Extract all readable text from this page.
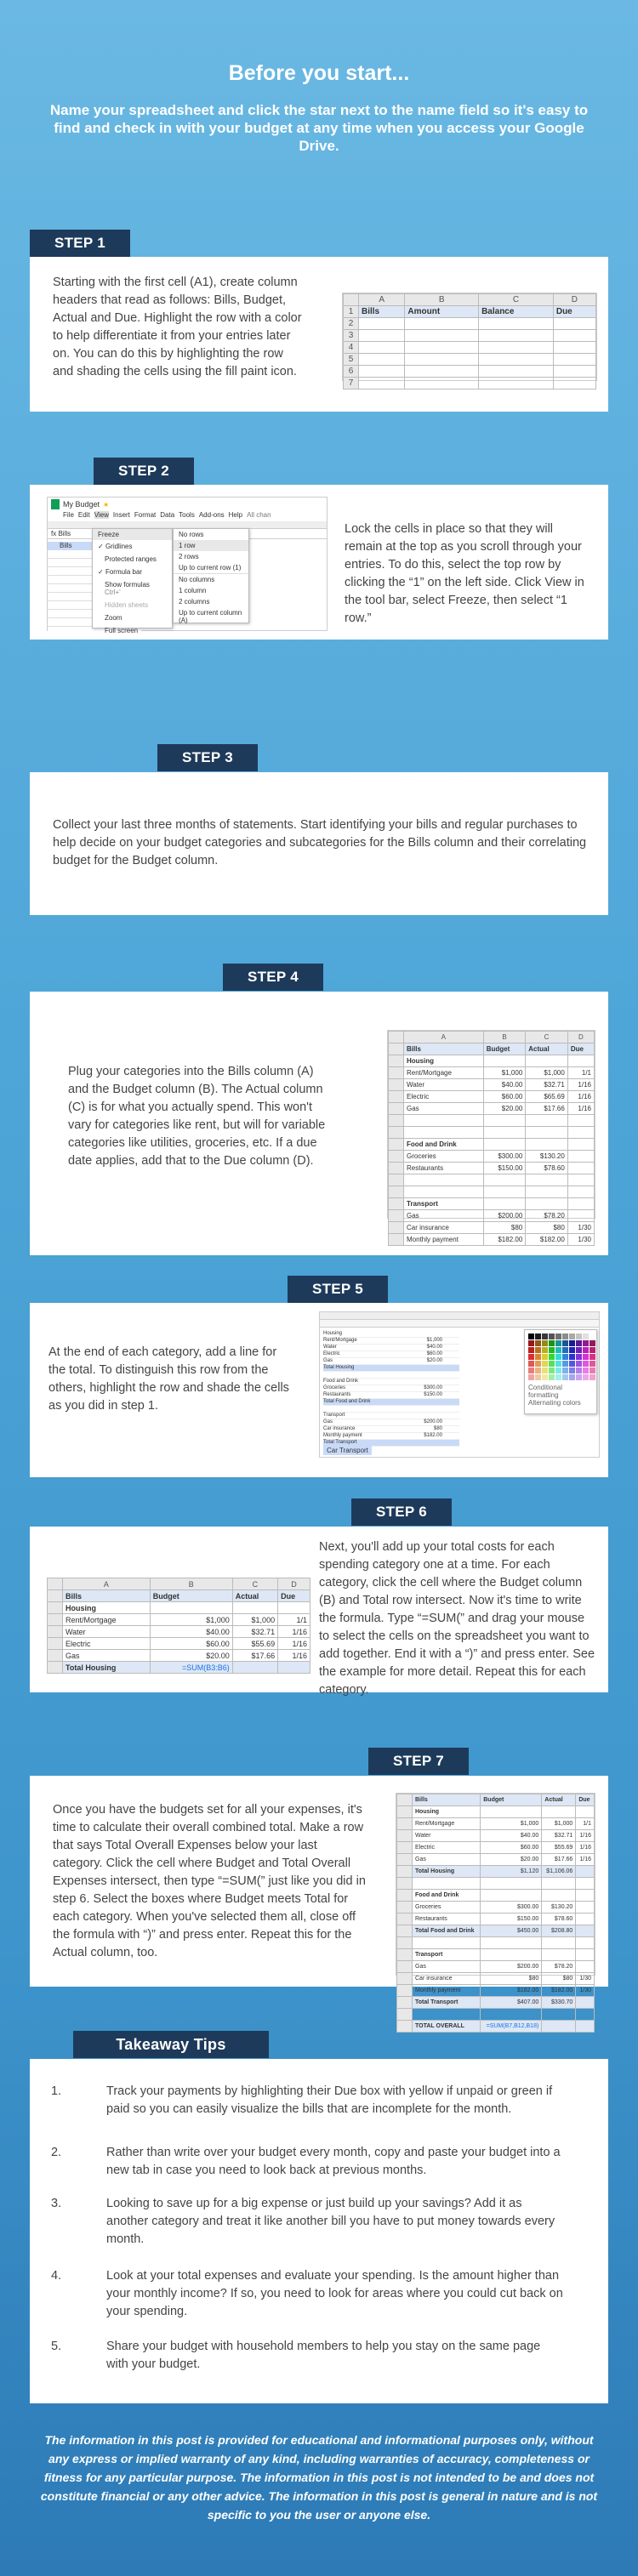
Before you start...

Name your spreadsheet and click the star next to the name field so it's easy to find and check in with your budget at any time when you access your Google Drive.

STEP 1
Starting with the first cell (A1), create column headers that read as follows: Bills, Budget, Actual and Due. Highlight the row with a color to help differentiate it from your entries later on. You can do this by highlighting the row and shading the cells using the fill paint icon.
	A	B	C	D
1	Bills	Amount	Balance	Due
2				
3				
4				
5				
6				
7				
STEP 2
My Budget ★
File Edit View Insert Format Data Tools Add-ons Help All chan
fx Bills
Bills
Freeze
✓ Gridlines
Protected ranges
✓ Formula bar
Show formulas Ctrl+'
Hidden sheets
Zoom
Full screen
No rows
1 row
2 rows
Up to current row (1)
No columns
1 column
2 columns
Up to current column (A)
Lock the cells in place so that they will remain at the top as you scroll through your entries. To do this, select the top row by clicking the “1” on the left side. Click View in the tool bar, select Freeze, then select “1 row.”
STEP 3
Collect your last three months of statements. Start identifying your bills and regular purchases to help decide on your budget categories and subcategories for the Bills column and their correlating budget for the Budget column.
STEP 4
Plug your categories into the Bills column (A) and the Budget column (B). The Actual column (C) is for what you actually spend. This won't vary for categories like rent, but will for variable categories like utilities, groceries, etc. If a due date applies, add that to the Due column (D).
	A	B	C	D
	Bills	Budget	Actual	Due
	Housing			
	Rent/Mortgage	$1,000	$1,000	1/1
	Water	$40.00	$32.71	1/16
	Electric	$60.00	$65.69	1/16
	Gas	$20.00	$17.66	1/16

	Food and Drink			
	Groceries	$300.00	$130.20	
	Restaurants	$150.00	$78.60	

	Transport			
	Gas	$200.00	$78.20	
	Car insurance	$80	$80	1/30
	Monthly payment	$182.00	$182.00	1/30
STEP 5
At the end of each category, add a line for the total. To distinguish this row from the others, highlight the row and shade the cells as you did in step 1.
Housing
Rent/Mortgage	$1,000
Water	$40.00
Electric	$60.00
Gas	$20.00
Total Housing
Food and Drink
Groceries	$300.00
Restaurants	$150.00
Total Food and Drink
Transport
Gas	$200.00
Car insurance	$80
Monthly payment	$182.00
Total Transport
Conditional formatting
Alternating colors
Car Transport
STEP 6
	A	B	C	D
	Bills	Budget	Actual	Due
	Housing			
	Rent/Mortgage	$1,000	$1,000	1/1
	Water	$40.00	$32.71	1/16
	Electric	$60.00	$55.69	1/16
	Gas	$20.00	$17.66	1/16
	Total Housing	=SUM(B3:B6)		
Next, you'll add up your total costs for each spending category one at a time. For each category, click the cell where the Budget column (B) and Total row intersect. Now it's time to write the formula. Type “=SUM(” and drag your mouse to select the cells on the spreadsheet you want to add together. End it with a “)” and press enter. See the example for more detail. Repeat this for each category.
STEP 7
Once you have the budgets set for all your expenses, it's time to calculate their overall combined total. Make a row that says Total Overall Expenses below your last category. Click the cell where Budget and Total Overall Expenses intersect, then type “=SUM(” just like you did in step 6. Select the boxes where Budget meets Total for each category. When you've selected them all, close off the formula with “)” and press enter. Repeat this for the Actual column, too.
	Bills	Budget	Actual	Due
	Housing			
	Rent/Mortgage	$1,000	$1,000	1/1
	Water	$40.00	$32.71	1/16
	Electric	$60.00	$55.69	1/16
	Gas	$20.00	$17.66	1/16
	Total Housing	$1,120	$1,106.06	

	Food and Drink			
	Groceries	$300.00	$130.20	
	Restaurants	$150.00	$78.60	
	Total Food and Drink	$450.00	$208.80	

	Transport			
	Gas	$200.00	$78.20	
	Car insurance	$80	$80	1/30
	Monthly payment	$182.00	$182.00	1/30
	Total Transport	$407.00	$330.70	

	TOTAL OVERALL	=SUM(B7,B12,B18)		
Takeaway Tips
1.	Track your payments by highlighting their Due box with yellow if unpaid or green if paid so you can easily visualize the bills that are incomplete for the month.
2.	Rather than write over your budget every month, copy and paste your budget into a new tab in case you need to look back at previous months.
3.	Looking to save up for a big expense or just build up your savings? Add it as another category and treat it like another bill you have to put money towards every month.
4.	Look at your total expenses and evaluate your spending. Is the amount higher than your monthly income? If so, you need to look for areas where you could cut back on your spending.
5.	Share your budget with household members to help you stay on the same page with your budget.
The information in this post is provided for educational and informational purposes only, without any express or implied warranty of any kind, including warranties of accuracy, completeness or fitness for any particular purpose. The information in this post is not intended to be and does not constitute financial or any other advice. The information in this post is general in nature and is not specific to you the user or anyone else.
